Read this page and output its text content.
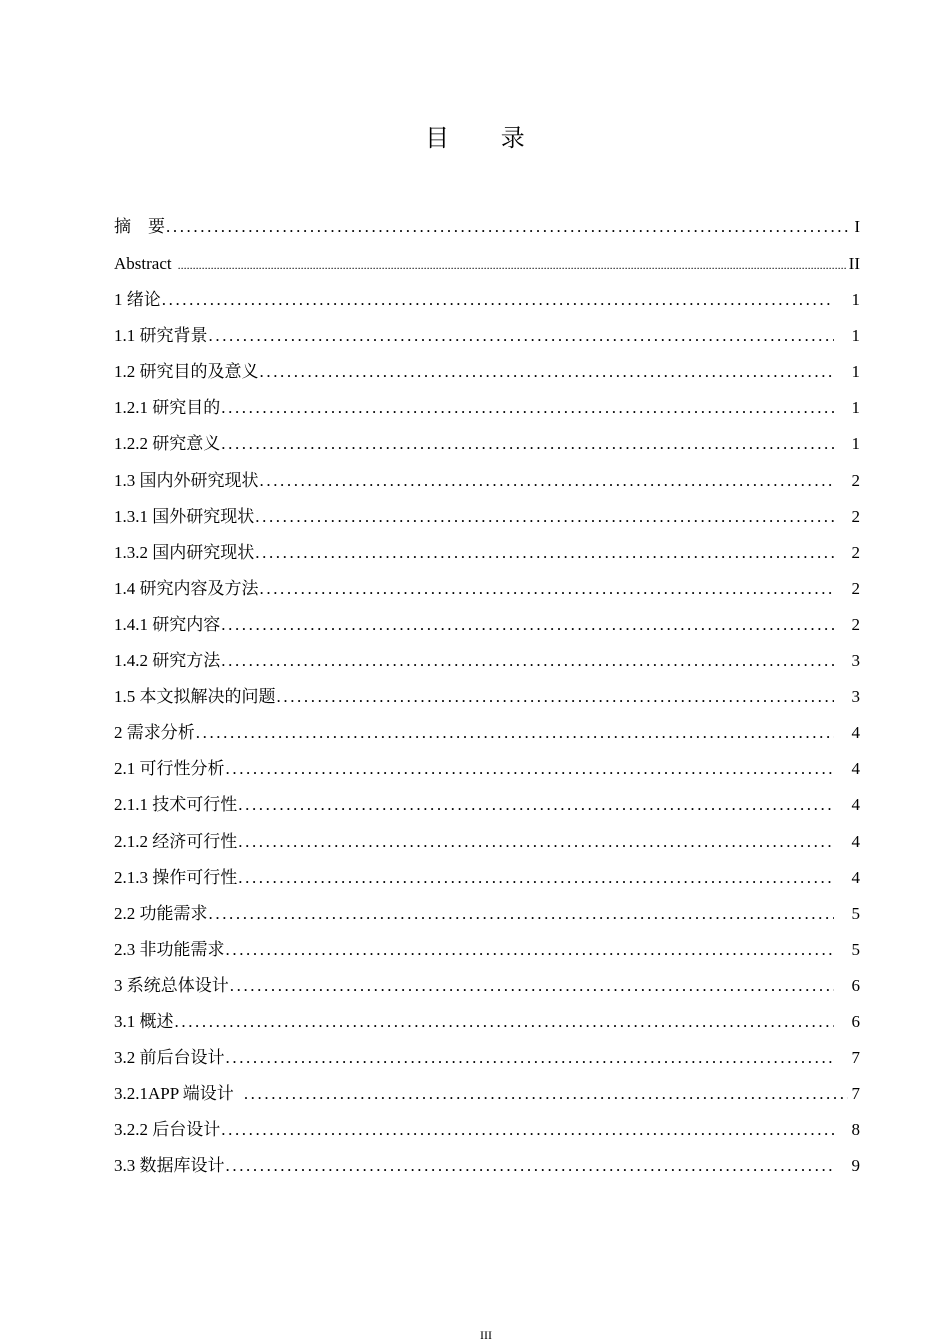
目 录
摘　要 .....	I
Abstract .....	II
1 绪论 .....	1
1.1 研究背景 .....	1
1.2 研究目的及意义 .....	1
1.2.1 研究目的 .....	1
1.2.2 研究意义 .....	1
1.3 国内外研究现状 .....	2
1.3.1 国外研究现状 .....	2
1.3.2 国内研究现状 .....	2
1.4 研究内容及方法 .....	2
1.4.1 研究内容 .....	2
1.4.2 研究方法 .....	3
1.5 本文拟解决的问题 .....	3
2 需求分析 .....	4
2.1 可行性分析 .....	4
2.1.1 技术可行性 .....	4
2.1.2 经济可行性 .....	4
2.1.3 操作可行性 .....	4
2.2 功能需求 .....	5
2.3 非功能需求 .....	5
3 系统总体设计 .....	6
3.1 概述 .....	6
3.2 前后台设计 .....	7
3.2.1APP 端设计 .....	7
3.2.2 后台设计 .....	8
3.3 数据库设计 .....	9
III
